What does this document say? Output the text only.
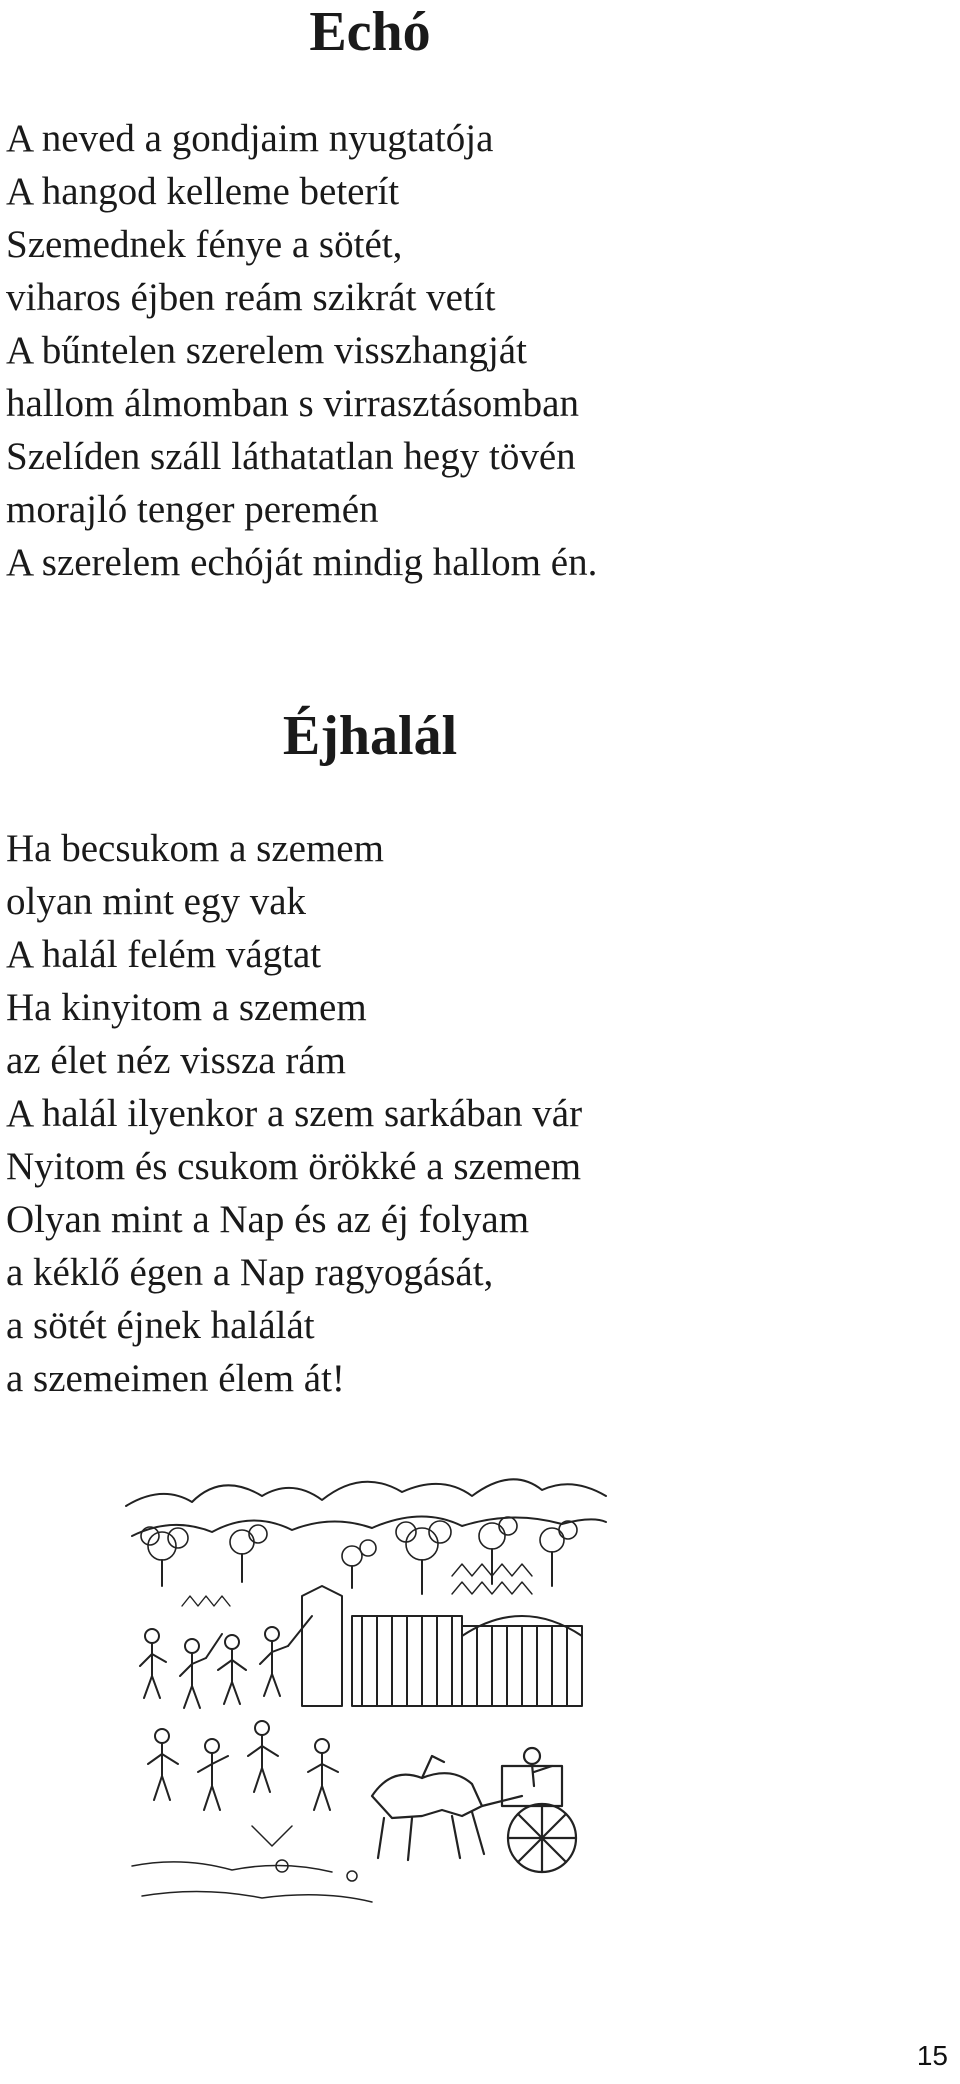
Echó
A neved a gondjaim nyugtatója
A hangod kelleme beterít
Szemednek fénye a sötét,
viharos éjben reám szikrát vetít
A bűntelen szerelem visszhangját
hallom álmomban s virrasztásomban
Szelíden száll láthatatlan hegy tövén
morajló tenger peremén
A szerelem echóját mindig hallom én.
Éjhalál
Ha becsukom a szemem
olyan mint egy vak
A halál felém vágtat
Ha kinyitom a szemem
az élet néz vissza rám
A halál ilyenkor a szem sarkában vár
Nyitom és csukom örökké a szemem
Olyan mint a Nap és az éj folyam
a kéklő égen a Nap ragyogását,
a sötét éjnek halálát
a szemeimen élem át!
15
